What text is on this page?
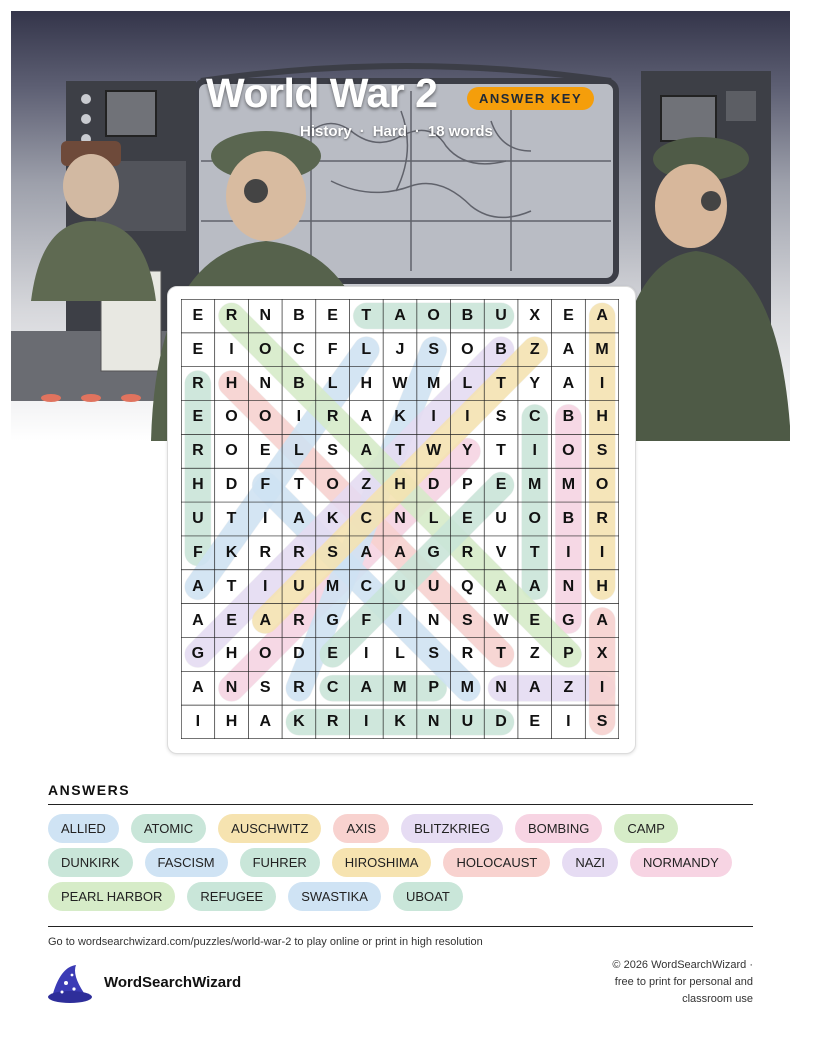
World War 2	ANSWER KEY
History · Hard · 18 words
E	R	N	B	E	T	A	O	B	U	X	E	A
E	I	O	C	F	L	J	S	O	B	Z	A	M
R	H	N	B	L	H	W	M	L	T	Y	A	I
E	O	O	I	R	A	K	I	I	S	C	B	H
R	O	E	L	S	A	T	W	Y	T	I	O	S
H	D	F	T	O	Z	H	D	P	E	M	M	O
U	T	I	A	K	C	N	L	E	U	O	B	R
F	K	R	R	S	A	A	G	R	V	T	I	I
A	T	I	U	M	C	U	U	Q	A	A	N	H
A	E	A	R	G	F	I	N	S	W	E	G	A
G	H	O	D	E	I	L	S	R	T	Z	P	X
A	N	S	R	C	A	M	P	M	N	A	Z	I
I	H	A	K	R	I	K	N	U	D	E	I	S
ANSWERS
ALLIED	ATOMIC	AUSCHWITZ	AXIS	BLITZKRIEG	BOMBING	CAMP
DUNKIRK	FASCISM	FUHRER	HIROSHIMA	HOLOCAUST	NAZI	NORMANDY
PEARL HARBOR	REFUGEE	SWASTIKA	UBOAT
Go to wordsearchwizard.com/puzzles/world-war-2 to play online or print in high resolution
WordSearchWizard
© 2026 WordSearchWizard ·
free to print for personal and
classroom use
